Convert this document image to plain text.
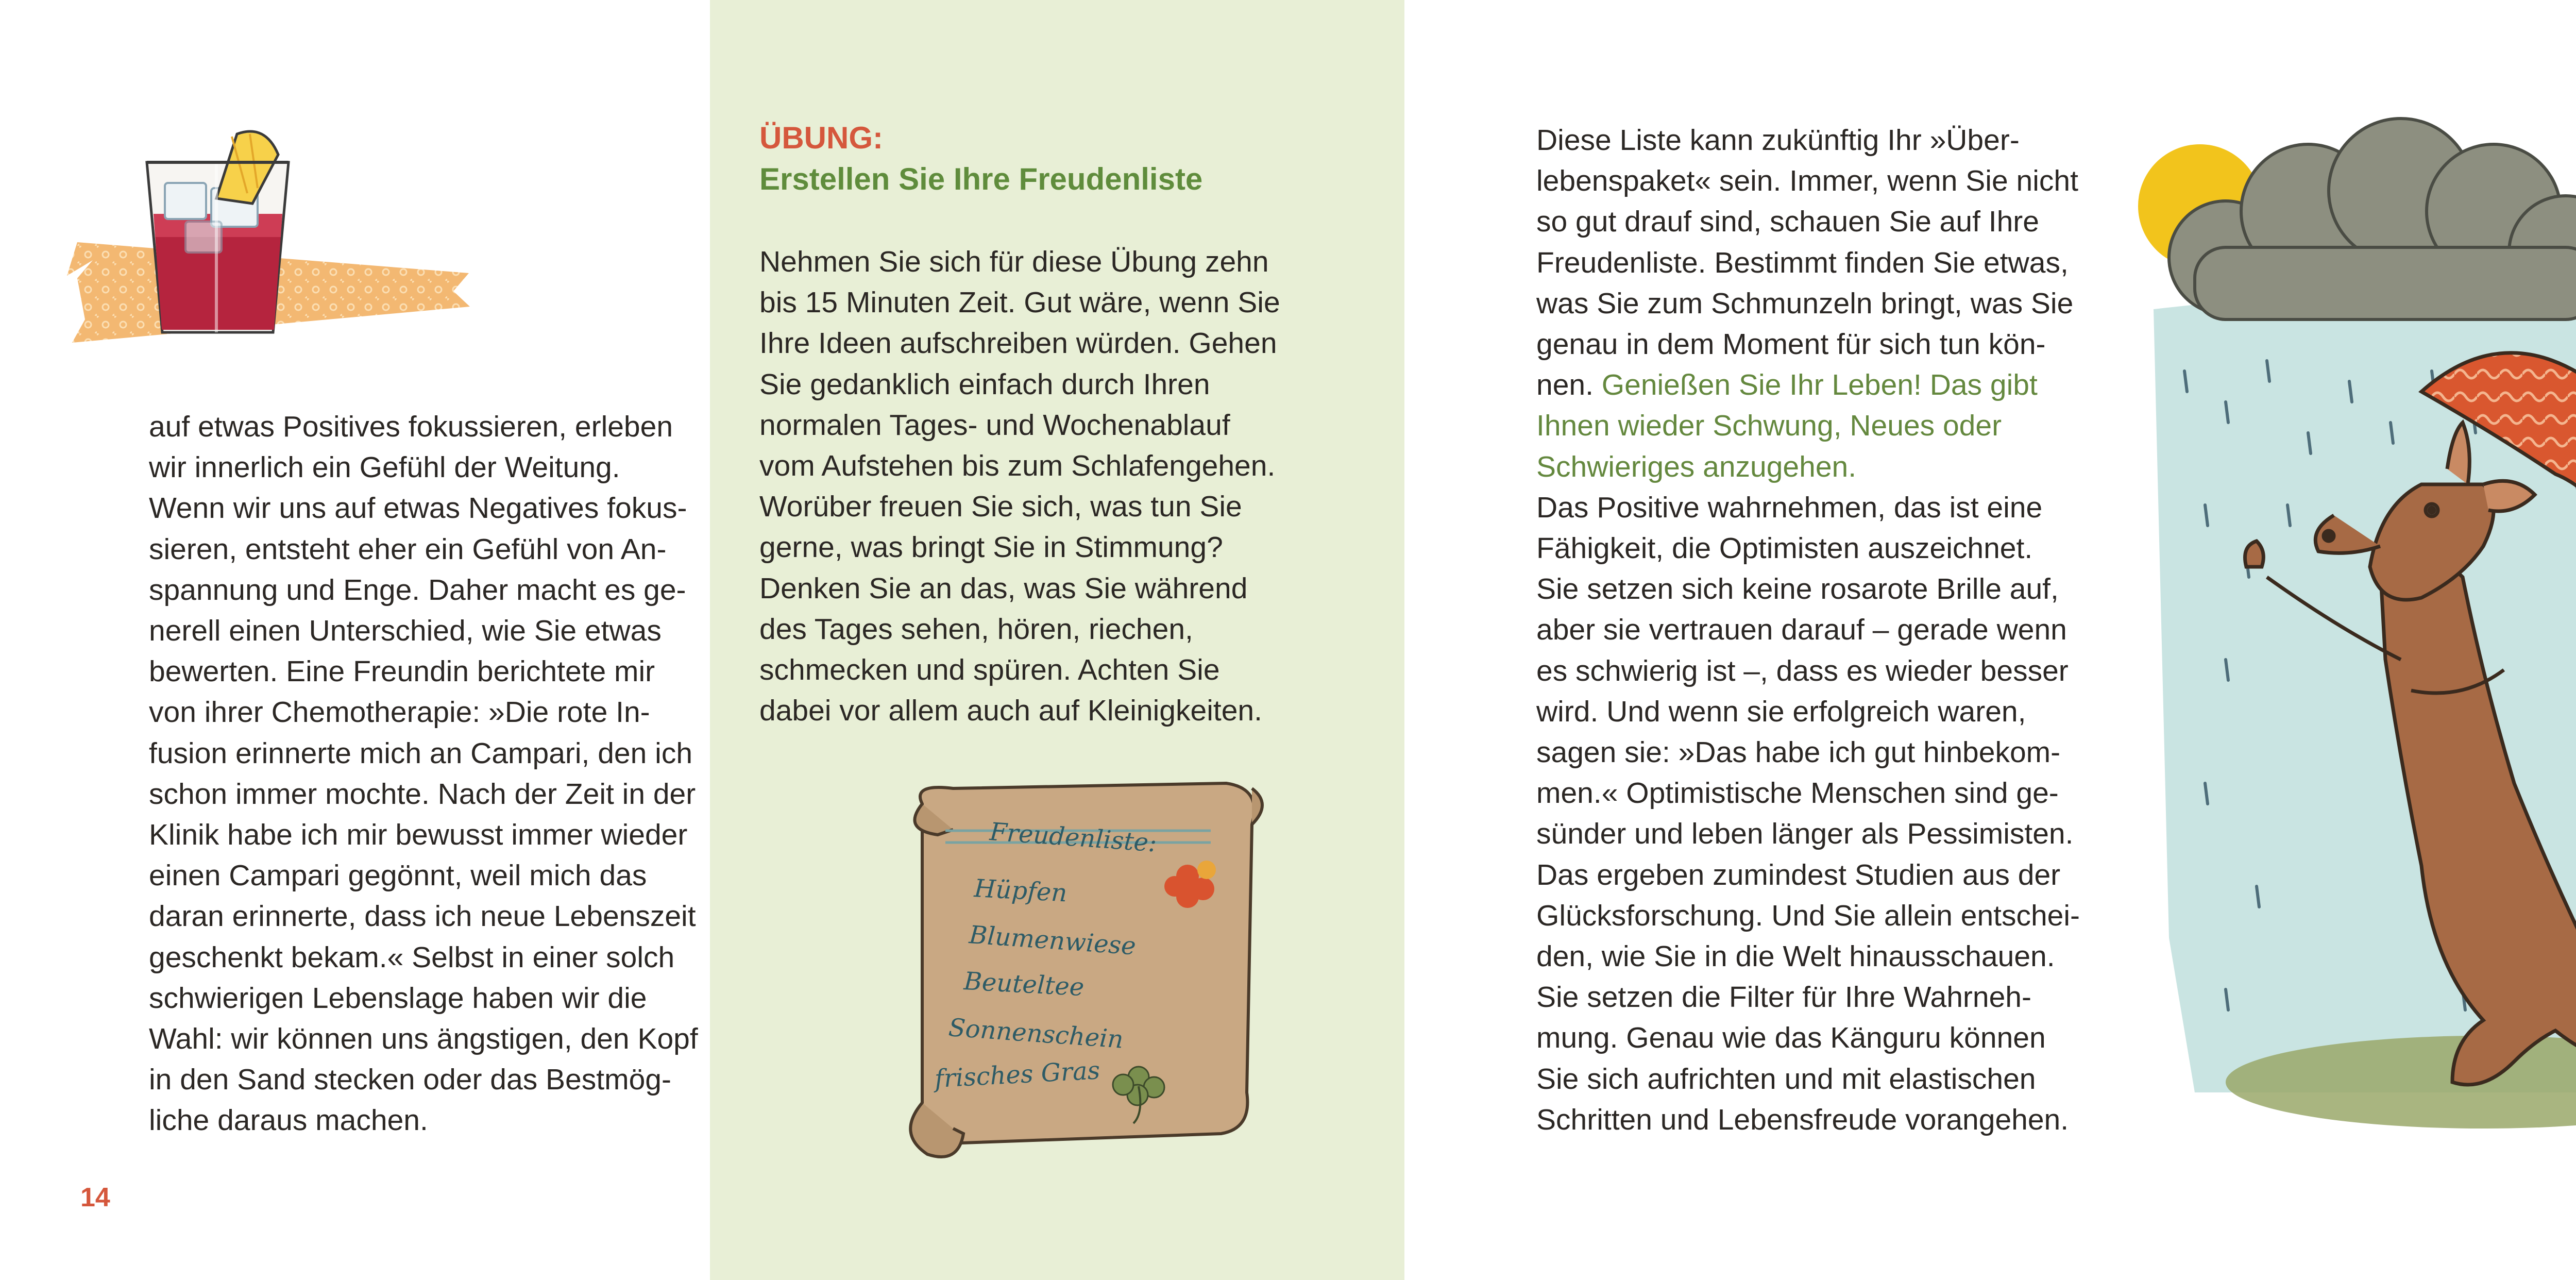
auf etwas Positives fokussieren, erleben
wir innerlich ein Gefühl der Weitung.
Wenn wir uns auf etwas Negatives fokus-
sieren, entsteht eher ein Gefühl von An-
spannung und Enge. Daher macht es ge-
nerell einen Unterschied, wie Sie etwas
bewerten. Eine Freundin berichtete mir
von ihrer Chemotherapie: »Die rote In-
fusion erinnerte mich an Campari, den ich
schon immer mochte. Nach der Zeit in der
Klinik habe ich mir bewusst immer wieder
einen Campari gegönnt, weil mich das
daran erinnerte, dass ich neue Lebenszeit
geschenkt bekam.« Selbst in einer solch
schwierigen Lebenslage haben wir die
Wahl: wir können uns ängstigen, den Kopf
in den Sand stecken oder das Bestmög-
liche daraus machen.

14
ÜBUNG:
Erstellen Sie Ihre Freudenliste

Nehmen Sie sich für diese Übung zehn
bis 15 Minuten Zeit. Gut wäre, wenn Sie
Ihre Ideen aufschreiben würden. Gehen
Sie gedanklich einfach durch Ihren
normalen Tages- und Wochenablauf
vom Aufstehen bis zum Schlafengehen.
Worüber freuen Sie sich, was tun Sie
gerne, was bringt Sie in Stimmung?
Denken Sie an das, was Sie während
des Tages sehen, hören, riechen,
schmecken und spüren. Achten Sie
dabei vor allem auch auf Kleinigkeiten.

Freudenliste:
Hüpfen
Blumenwiese
Beuteltee
Sonnenschein
frisches Gras

Diese Liste kann zukünftig Ihr »Über-
lebenspaket« sein. Immer, wenn Sie nicht
so gut drauf sind, schauen Sie auf Ihre
Freudenliste. Bestimmt finden Sie etwas,
was Sie zum Schmunzeln bringt, was Sie
genau in dem Moment für sich tun kön-
nen. Genießen Sie Ihr Leben! Das gibt
Ihnen wieder Schwung, Neues oder
Schwieriges anzugehen.
Das Positive wahrnehmen, das ist eine
Fähigkeit, die Optimisten auszeichnet.
Sie setzen sich keine rosarote Brille auf,
aber sie vertrauen darauf – gerade wenn
es schwierig ist –, dass es wieder besser
wird. Und wenn sie erfolgreich waren,
sagen sie: »Das habe ich gut hinbekom-
men.« Optimistische Menschen sind ge-
sünder und leben länger als Pessimisten.
Das ergeben zumindest Studien aus der
Glücksforschung. Und Sie allein entschei-
den, wie Sie in die Welt hinausschauen.
Sie setzen die Filter für Ihre Wahrneh-
mung. Genau wie das Känguru können
Sie sich aufrichten und mit elastischen
Schritten und Lebensfreude vorangehen.
